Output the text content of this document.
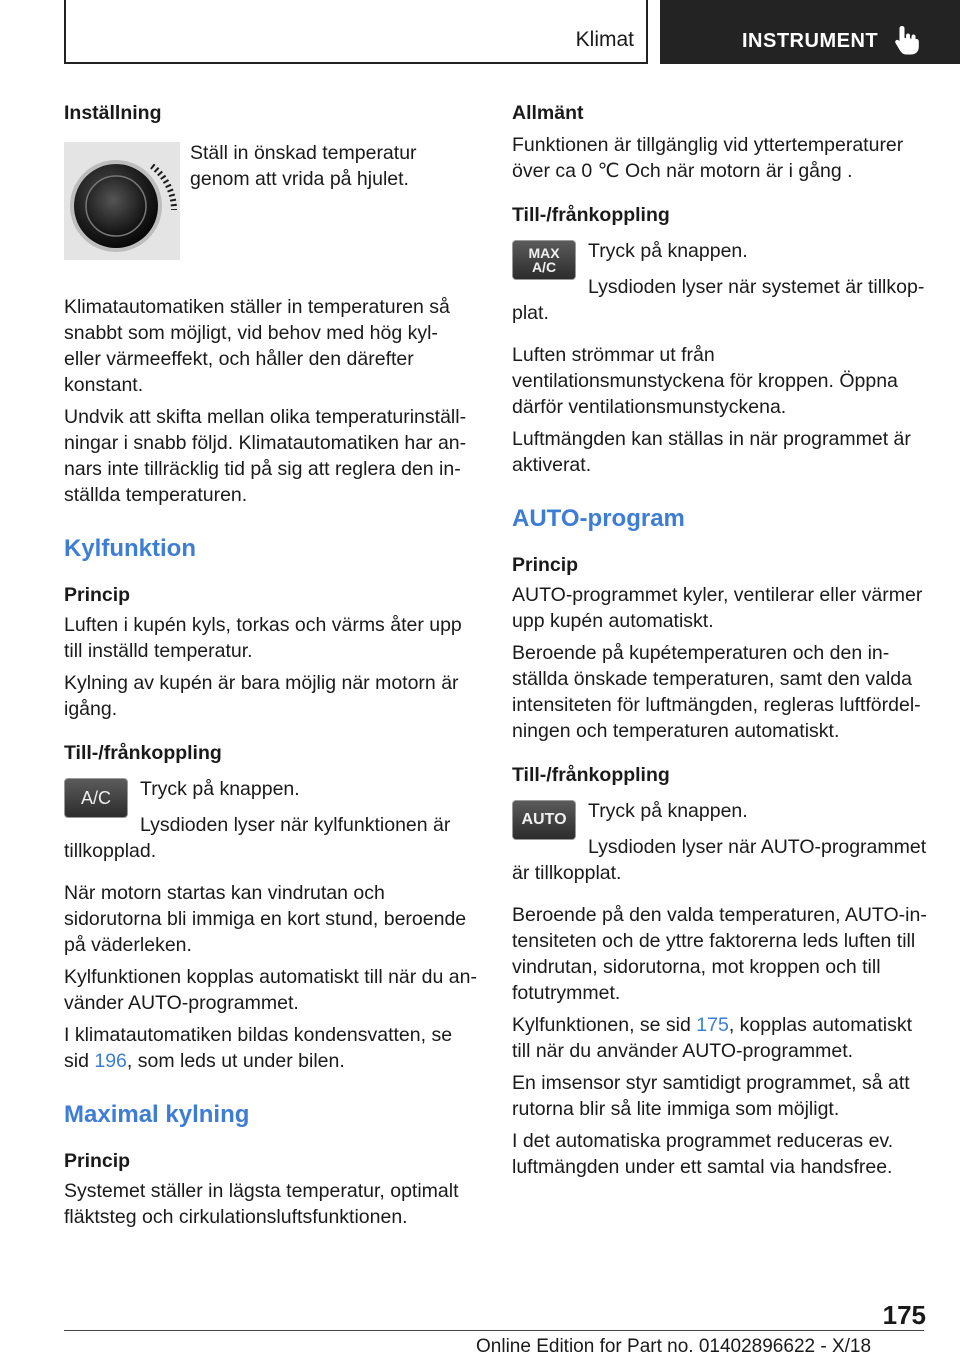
Klimat	INSTRUMENT

Inställning

Ställ in önskad temperatur genom att vrida på hjulet.

Klimatautomatiken ställer in temperaturen så snabbt som möjligt, vid behov med hög kyl- eller värmeeffekt, och håller den därefter konstant.

Undvik att skifta mellan olika temperaturinställningar i snabb följd. Klimatautomatiken har annars inte tillräcklig tid på sig att reglera den inställda temperaturen.

Kylfunktion

Princip

Luften i kupén kyls, torkas och värms åter upp till inställd temperatur.

Kylning av kupén är bara möjlig när motorn är igång.

Till-/frånkoppling

A/C Tryck på knappen.

Lysdioden lyser när kylfunktionen är tillkopplad.

När motorn startas kan vindrutan och sidorutorna bli immiga en kort stund, beroende på väderleken.

Kylfunktionen kopplas automatiskt till när du använder AUTO-programmet.

I klimatautomatiken bildas kondensvatten, se sid 196, som leds ut under bilen.

Maximal kylning

Princip

Systemet ställer in lägsta temperatur, optimalt fläktsteg och cirkulationsluftsfunktionen.

Allmänt

Funktionen är tillgänglig vid yttertemperaturer över ca 0 ℃ Och när motorn är i gång .

Till-/frånkoppling

MAX
A/C

Tryck på knappen.

Lysdioden lyser när systemet är tillkopplat.

Luften strömmar ut från ventilationsmunstyckena för kroppen. Öppna därför ventilationsmunstyckena.

Luftmängden kan ställas in när programmet är aktiverat.

AUTO-program

Princip

AUTO-programmet kyler, ventilerar eller värmer upp kupén automatiskt.

Beroende på kupétemperaturen och den inställda önskade temperaturen, samt den valda intensiteten för luftmängden, regleras luftfördelningen och temperaturen automatiskt.

Till-/frånkoppling

AUTO Tryck på knappen.

Lysdioden lyser när AUTO-programmet är tillkopplat.

Beroende på den valda temperaturen, AUTO-intensiteten och de yttre faktorerna leds luften till vindrutan, sidorutorna, mot kroppen och till fotutrymmet.

Kylfunktionen, se sid 175, kopplas automatiskt till när du använder AUTO-programmet.

En imsensor styr samtidigt programmet, så att rutorna blir så lite immiga som möjligt.

I det automatiska programmet reduceras ev. luftmängden under ett samtal via handsfree.

175
Online Edition for Part no. 01402896622 - X/18
